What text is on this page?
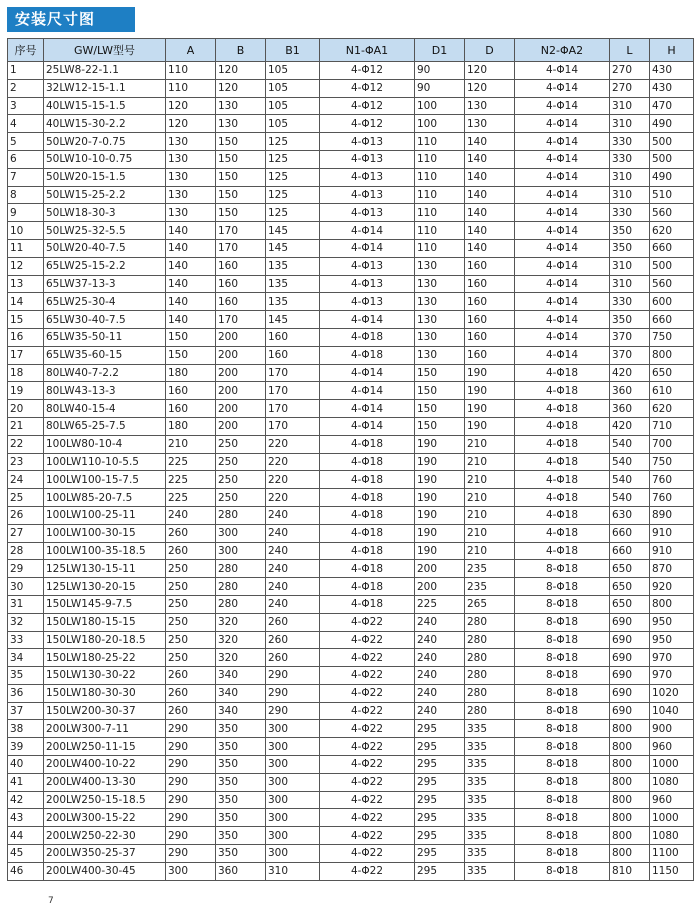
安装尺寸图
序号	GW/LW型号	A	B	B1	N1-ΦA1	D1	D	N2-ΦA2	L	H
1	25LW8-22-1.1	110	120	105	4-Φ12	90	120	4-Φ14	270	430
2	32LW12-15-1.1	110	120	105	4-Φ12	90	120	4-Φ14	270	430
3	40LW15-15-1.5	120	130	105	4-Φ12	100	130	4-Φ14	310	470
4	40LW15-30-2.2	120	130	105	4-Φ12	100	130	4-Φ14	310	490
5	50LW20-7-0.75	130	150	125	4-Φ13	110	140	4-Φ14	330	500
6	50LW10-10-0.75	130	150	125	4-Φ13	110	140	4-Φ14	330	500
7	50LW20-15-1.5	130	150	125	4-Φ13	110	140	4-Φ14	310	490
8	50LW15-25-2.2	130	150	125	4-Φ13	110	140	4-Φ14	310	510
9	50LW18-30-3	130	150	125	4-Φ13	110	140	4-Φ14	330	560
10	50LW25-32-5.5	140	170	145	4-Φ14	110	140	4-Φ14	350	620
11	50LW20-40-7.5	140	170	145	4-Φ14	110	140	4-Φ14	350	660
12	65LW25-15-2.2	140	160	135	4-Φ13	130	160	4-Φ14	310	500
13	65LW37-13-3	140	160	135	4-Φ13	130	160	4-Φ14	310	560
14	65LW25-30-4	140	160	135	4-Φ13	130	160	4-Φ14	330	600
15	65LW30-40-7.5	140	170	145	4-Φ14	130	160	4-Φ14	350	660
16	65LW35-50-11	150	200	160	4-Φ18	130	160	4-Φ14	370	750
17	65LW35-60-15	150	200	160	4-Φ18	130	160	4-Φ14	370	800
18	80LW40-7-2.2	180	200	170	4-Φ14	150	190	4-Φ18	420	650
19	80LW43-13-3	160	200	170	4-Φ14	150	190	4-Φ18	360	610
20	80LW40-15-4	160	200	170	4-Φ14	150	190	4-Φ18	360	620
21	80LW65-25-7.5	180	200	170	4-Φ14	150	190	4-Φ18	420	710
22	100LW80-10-4	210	250	220	4-Φ18	190	210	4-Φ18	540	700
23	100LW110-10-5.5	225	250	220	4-Φ18	190	210	4-Φ18	540	750
24	100LW100-15-7.5	225	250	220	4-Φ18	190	210	4-Φ18	540	760
25	100LW85-20-7.5	225	250	220	4-Φ18	190	210	4-Φ18	540	760
26	100LW100-25-11	240	280	240	4-Φ18	190	210	4-Φ18	630	890
27	100LW100-30-15	260	300	240	4-Φ18	190	210	4-Φ18	660	910
28	100LW100-35-18.5	260	300	240	4-Φ18	190	210	4-Φ18	660	910
29	125LW130-15-11	250	280	240	4-Φ18	200	235	8-Φ18	650	870
30	125LW130-20-15	250	280	240	4-Φ18	200	235	8-Φ18	650	920
31	150LW145-9-7.5	250	280	240	4-Φ18	225	265	8-Φ18	650	800
32	150LW180-15-15	250	320	260	4-Φ22	240	280	8-Φ18	690	950
33	150LW180-20-18.5	250	320	260	4-Φ22	240	280	8-Φ18	690	950
34	150LW180-25-22	250	320	260	4-Φ22	240	280	8-Φ18	690	970
35	150LW130-30-22	260	340	290	4-Φ22	240	280	8-Φ18	690	970
36	150LW180-30-30	260	340	290	4-Φ22	240	280	8-Φ18	690	1020
37	150LW200-30-37	260	340	290	4-Φ22	240	280	8-Φ18	690	1040
38	200LW300-7-11	290	350	300	4-Φ22	295	335	8-Φ18	800	900
39	200LW250-11-15	290	350	300	4-Φ22	295	335	8-Φ18	800	960
40	200LW400-10-22	290	350	300	4-Φ22	295	335	8-Φ18	800	1000
41	200LW400-13-30	290	350	300	4-Φ22	295	335	8-Φ18	800	1080
42	200LW250-15-18.5	290	350	300	4-Φ22	295	335	8-Φ18	800	960
43	200LW300-15-22	290	350	300	4-Φ22	295	335	8-Φ18	800	1000
44	200LW250-22-30	290	350	300	4-Φ22	295	335	8-Φ18	800	1080
45	200LW350-25-37	290	350	300	4-Φ22	295	335	8-Φ18	800	1100
46	200LW400-30-45	300	360	310	4-Φ22	295	335	8-Φ18	810	1150
7
